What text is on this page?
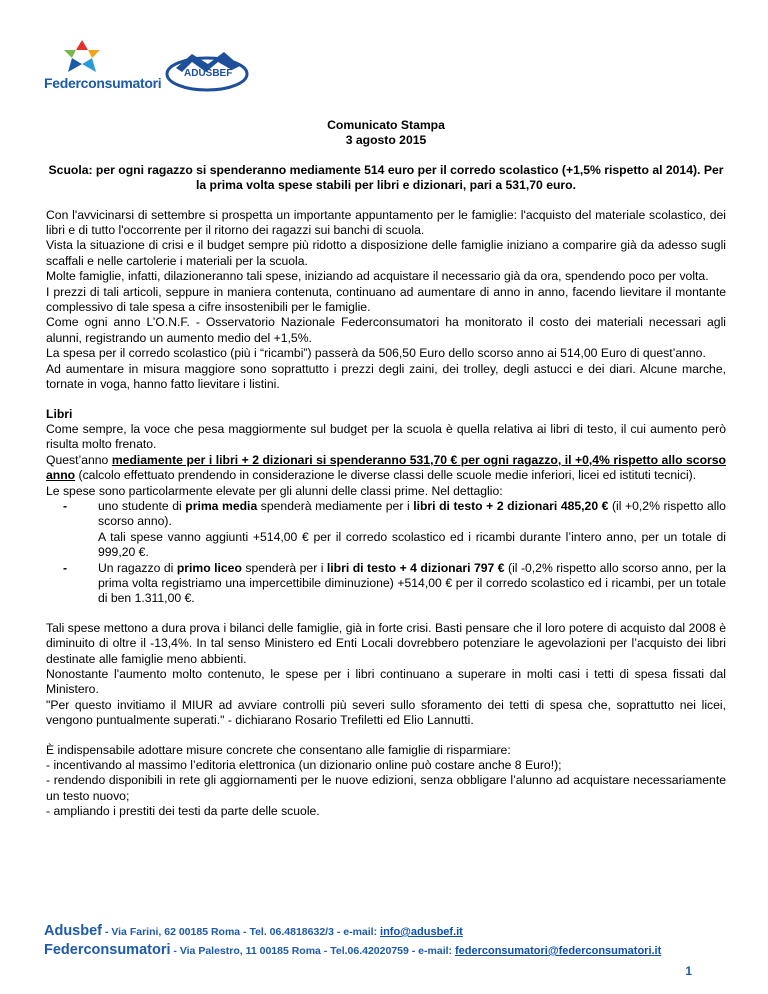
Federconsumatori
ADUSBEF

Comunicato Stampa

3 agosto 2015

Scuola: per ogni ragazzo si spenderanno mediamente 514 euro per il corredo scolastico (+1,5% rispetto al 2014). Per la prima volta spese stabili per libri e dizionari, pari a 531,70 euro.

Con l'avvicinarsi di settembre si prospetta un importante appuntamento per le famiglie: l'acquisto del materiale scolastico, dei libri e di tutto l'occorrente per il ritorno dei ragazzi sui banchi di scuola.

Vista la situazione di crisi e il budget sempre più ridotto a disposizione delle famiglie iniziano a comparire già da adesso sugli scaffali e nelle cartolerie i materiali per la scuola.

Molte famiglie, infatti, dilazioneranno tali spese, iniziando ad acquistare il necessario già da ora, spendendo poco per volta.

I prezzi di tali articoli, seppure in maniera contenuta, continuano ad aumentare di anno in anno, facendo lievitare il montante complessivo di tale spesa a cifre insostenibili per le famiglie.

Come ogni anno L’O.N.F. - Osservatorio Nazionale Federconsumatori ha monitorato il costo dei materiali necessari agli alunni, registrando un aumento medio del +1,5%.

La spesa per il corredo scolastico (più i “ricambi”) passerà da 506,50 Euro dello scorso anno ai 514,00 Euro di quest’anno.

Ad aumentare in misura maggiore sono soprattutto i prezzi degli zaini, dei trolley, degli astucci e dei diari. Alcune marche, tornate in voga, hanno fatto lievitare i listini.

Libri

Come sempre, la voce che pesa maggiormente sul budget per la scuola è quella relativa ai libri di testo, il cui aumento però risulta molto frenato.

Quest’anno mediamente per i libri + 2 dizionari si spenderanno 531,70 € per ogni ragazzo, il +0,4% rispetto allo scorso anno (calcolo effettuato prendendo in considerazione le diverse classi delle scuole medie inferiori, licei ed istituti tecnici).

Le spese sono particolarmente elevate per gli alunni delle classi prime. Nel dettaglio:

-	uno studente di prima media spenderà mediamente per i libri di testo + 2 dizionari 485,20 € (il +0,2% rispetto allo scorso anno).
A tali spese vanno aggiunti +514,00 € per il corredo scolastico ed i ricambi durante l’intero anno, per un totale di 999,20 €.
-	Un ragazzo di primo liceo spenderà per i libri di testo + 4 dizionari 797 € (il -0,2% rispetto allo scorso anno, per la prima volta registriamo una impercettibile diminuzione) +514,00 € per il corredo scolastico ed i ricambi, per un totale di ben 1.311,00 €.

Tali spese mettono a dura prova i bilanci delle famiglie, già in forte crisi. Basti pensare che il loro potere di acquisto dal 2008 è diminuito di oltre il -13,4%. In tal senso Ministero ed Enti Locali dovrebbero potenziare le agevolazioni per l’acquisto dei libri destinate alle famiglie meno abbienti.

Nonostante l'aumento molto contenuto, le spese per i libri continuano a superare in molti casi i tetti di spesa fissati dal Ministero.

"Per questo invitiamo il MIUR ad avviare controlli più severi sullo sforamento dei tetti di spesa che, soprattutto nei licei, vengono puntualmente superati." - dichiarano Rosario Trefiletti ed Elio Lannutti.

È indispensabile adottare misure concrete che consentano alle famiglie di risparmiare:

- incentivando al massimo l’editoria elettronica (un dizionario online può costare anche 8 Euro!);

- rendendo disponibili in rete gli aggiornamenti per le nuove edizioni, senza obbligare l’alunno ad acquistare necessariamente un testo nuovo;

- ampliando i prestiti dei testi da parte delle scuole.

Adusbef - Via Farini, 62 00185 Roma - Tel. 06.4818632/3 - e-mail: info@adusbef.it
Federconsumatori - Via Palestro, 11 00185 Roma - Tel.06.42020759 - e-mail: federconsumatori@federconsumatori.it
1
